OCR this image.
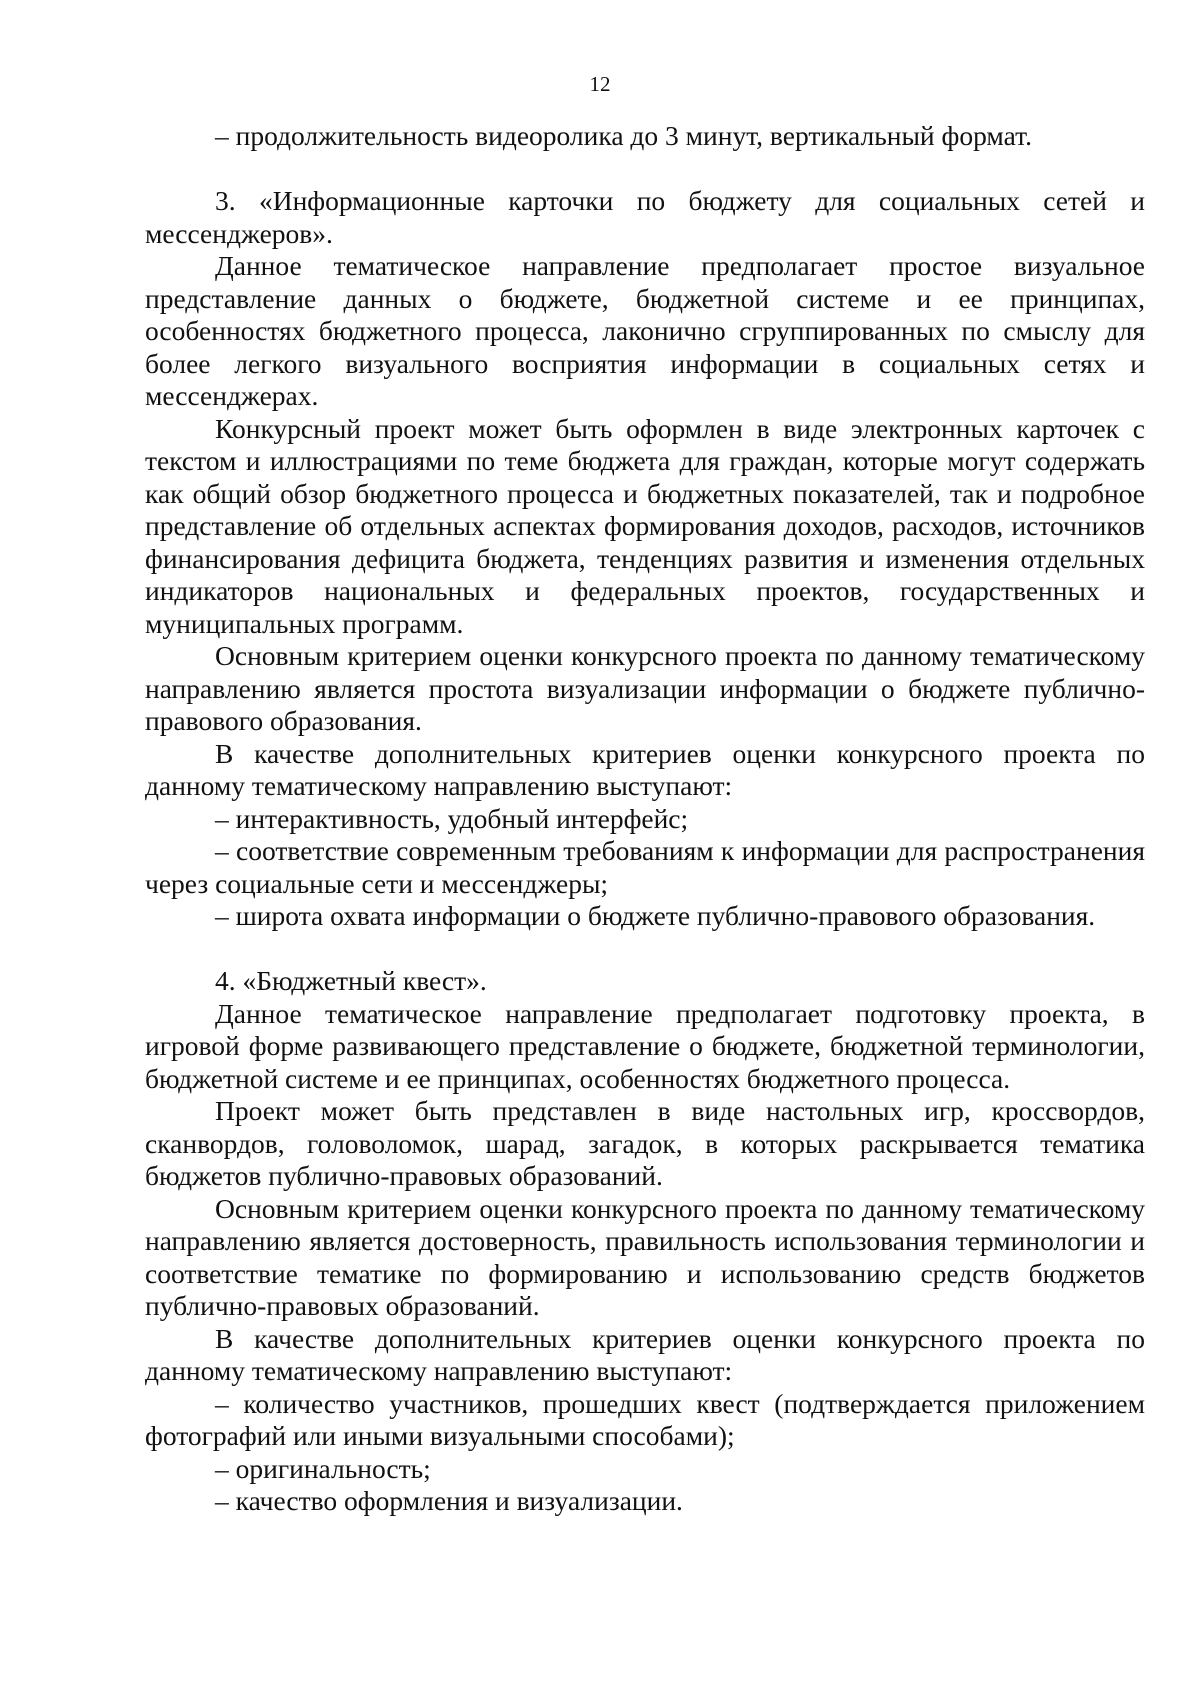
12

– продолжительность видеоролика до 3 минут, вертикальный формат.

3. «Информационные карточки по бюджету для социальных сетей и мессенджеров».

Данное тематическое направление предполагает простое визуальное представление данных о бюджете, бюджетной системе и ее принципах, особенностях бюджетного процесса, лаконично сгруппированных по смыслу для более легкого визуального восприятия информации в социальных сетях и мессенджерах.

Конкурсный проект может быть оформлен в виде электронных карточек с текстом и иллюстрациями по теме бюджета для граждан, которые могут содержать как общий обзор бюджетного процесса и бюджетных показателей, так и подробное представление об отдельных аспектах формирования доходов, расходов, источников финансирования дефицита бюджета, тенденциях развития и изменения отдельных индикаторов национальных и федеральных проектов, государственных и муниципальных программ.

Основным критерием оценки конкурсного проекта по данному тематическому направлению является простота визуализации информации о бюджете публично-правового образования.

В качестве дополнительных критериев оценки конкурсного проекта по данному тематическому направлению выступают:

– интерактивность, удобный интерфейс;

– соответствие современным требованиям к информации для распространения через социальные сети и мессенджеры;

– широта охвата информации о бюджете публично-правового образования.

4. «Бюджетный квест».

Данное тематическое направление предполагает подготовку проекта, в игровой форме развивающего представление о бюджете, бюджетной терминологии, бюджетной системе и ее принципах, особенностях бюджетного процесса.

Проект может быть представлен в виде настольных игр, кроссвордов, сканвордов, головоломок, шарад, загадок, в которых раскрывается тематика бюджетов публично-правовых образований.

Основным критерием оценки конкурсного проекта по данному тематическому направлению является достоверность, правильность использования терминологии и соответствие тематике по формированию и использованию средств бюджетов публично-правовых образований.

В качестве дополнительных критериев оценки конкурсного проекта по данному тематическому направлению выступают:

– количество участников, прошедших квест (подтверждается приложением фотографий или иными визуальными способами);

– оригинальность;

– качество оформления и визуализации.
